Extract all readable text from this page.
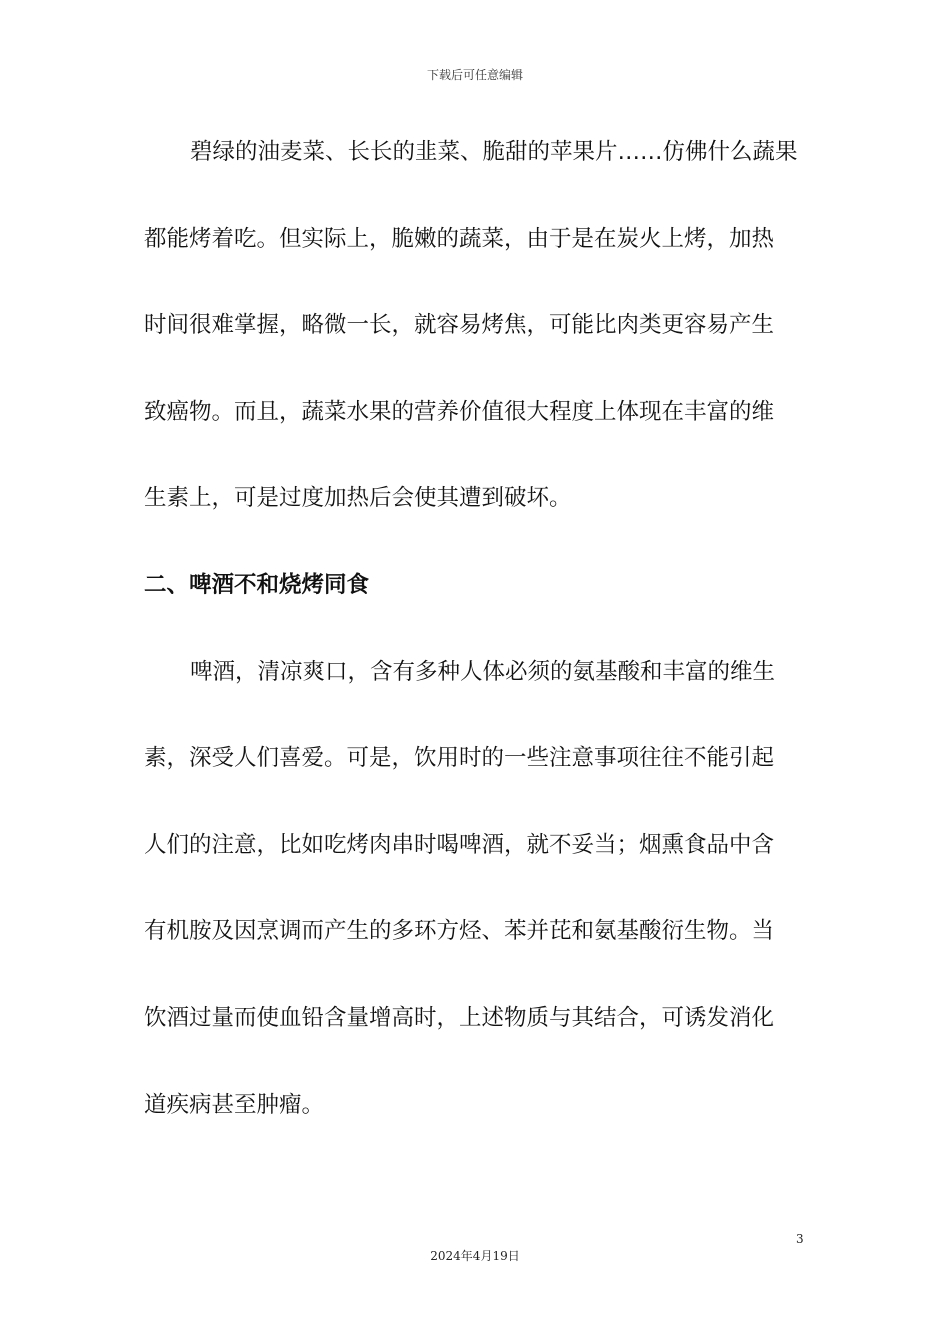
下载后可任意编辑
碧绿的油麦菜、长长的韭菜、脆甜的苹果片……仿佛什么蔬果
都能烤着吃。但实际上，脆嫩的蔬菜，由于是在炭火上烤，加热
时间很难掌握，略微一长，就容易烤焦，可能比肉类更容易产生
致癌物。而且，蔬菜水果的营养价值很大程度上体现在丰富的维
生素上，可是过度加热后会使其遭到破坏。
二、啤酒不和烧烤同食
啤酒，清凉爽口，含有多种人体必须的氨基酸和丰富的维生
素，深受人们喜爱。可是，饮用时的一些注意事项往往不能引起
人们的注意，比如吃烤肉串时喝啤酒，就不妥当；烟熏食品中含
有机胺及因烹调而产生的多环方烃、苯并芘和氨基酸衍生物。当
饮酒过量而使血铅含量增高时，上述物质与其结合，可诱发消化
道疾病甚至肿瘤。
3
2024年4月19日
